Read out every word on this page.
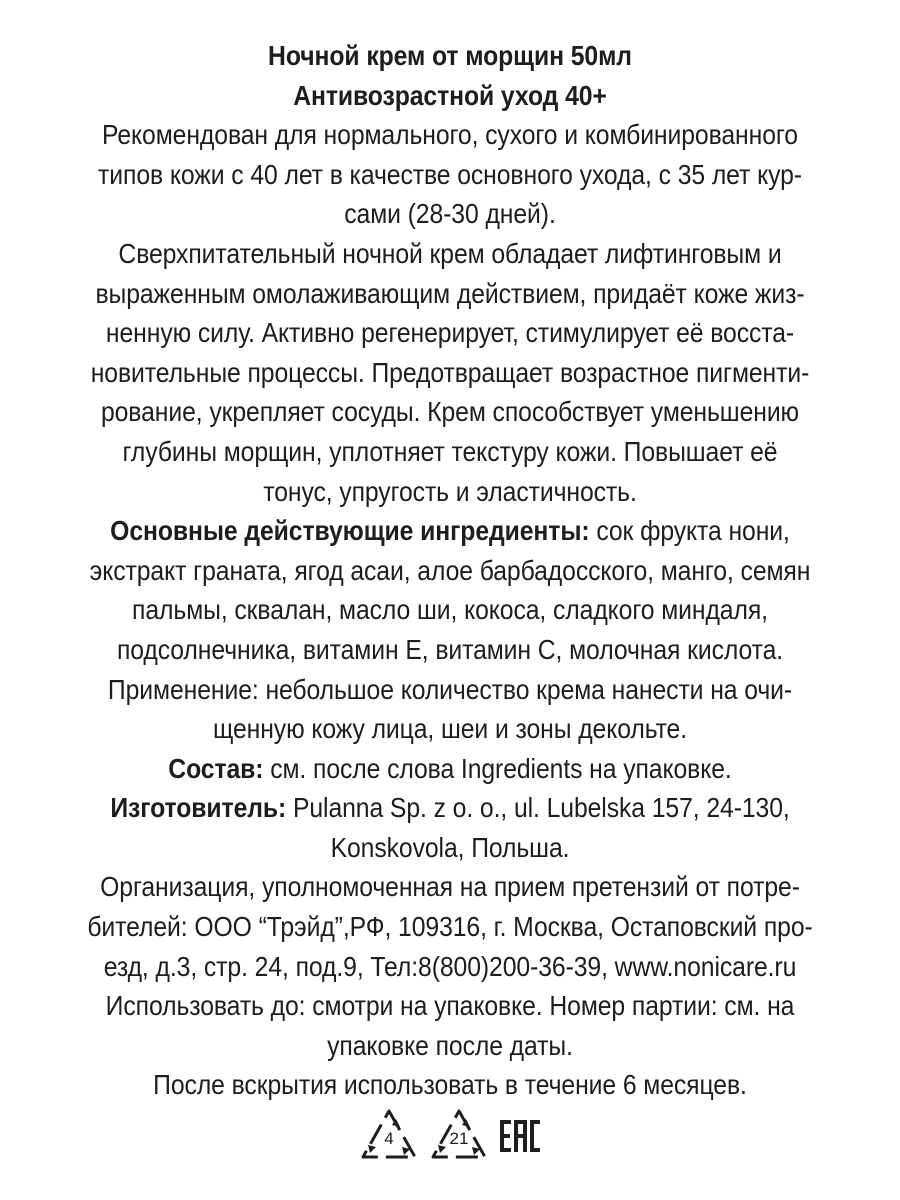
Ночной крем от морщин 50мл
Антивозрастной уход 40+
Рекомендован для нормального, сухого и комбинированного
типов кожи с 40 лет в качестве основного ухода, с 35 лет кур-
сами (28-30 дней).
Сверхпитательный ночной крем обладает лифтинговым и
выраженным омолаживающим действием, придаёт коже жиз-
ненную силу. Активно регенерирует, стимулирует её восста-
новительные процессы. Предотвращает возрастное пигменти-
рование, укрепляет сосуды. Крем способствует уменьшению
глубины морщин, уплотняет текстуру кожи. Повышает её
тонус, упругость и эластичность.
Основные действующие ингредиенты: сок фрукта нони,
экстракт граната, ягод асаи, алое барбадосского, манго, семян
пальмы, сквалан, масло ши, кокоса, сладкого миндаля,
подсолнечника, витамин Е, витамин С, молочная кислота.
Применение: небольшое количество крема нанести на очи-
щенную кожу лица, шеи и зоны декольте.
Состав: см. после слова Ingredients на упаковке.
Изготовитель: Pulanna Sp. z o. o., ul. Lubelska 157, 24-130,
Konskovola, Польша.
Организация, уполномоченная на прием претензий от потре-
бителей: ООО “Трэйд”,РФ, 109316, г. Москва, Остаповский про-
езд, д.3, стр. 24, под.9, Тел:8(800)200-36-39, www.nonicare.ru
Использовать до: смотри на упаковке. Номер партии: см. на
упаковке после даты.
После вскрытия использовать в течение 6 месяцев.
4	21
